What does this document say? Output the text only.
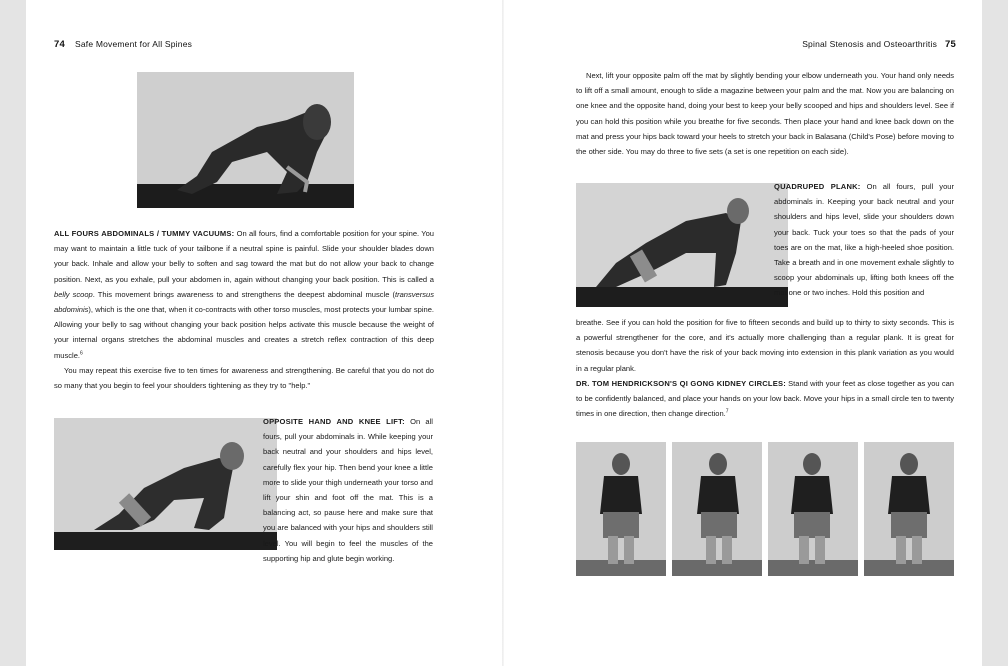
74 Safe Movement for All Spines

ALL FOURS ABDOMINALS / TUMMY VACUUMS: On all fours, find a comfortable position for your spine. You may want to maintain a little tuck of your tailbone if a neutral spine is painful. Slide your shoulder blades down your back. Inhale and allow your belly to soften and sag toward the mat but do not allow your back to change position. Next, as you exhale, pull your abdomen in, again without changing your back position. This is called a belly scoop. This movement brings awareness to and strengthens the deepest abdominal muscle (transversus abdominis), which is the one that, when it co-contracts with other torso muscles, most protects your lumbar spine. Allowing your belly to sag without changing your back position helps activate this muscle because the weight of your internal organs stretches the abdominal muscles and creates a stretch reflex contraction of this deep muscle.$^6$

You may repeat this exercise five to ten times for awareness and strengthening. Be careful that you do not do so many that you begin to feel your shoulders tightening as they try to "help."

OPPOSITE HAND AND KNEE LIFT: On all fours, pull your abdominals in. While keeping your back neutral and your shoulders and hips level, carefully flex your hip. Then bend your knee a little more to slide your thigh underneath your torso and lift your shin and foot off the mat. This is a balancing act, so pause here and make sure that you are balanced with your hips and shoulders still level. You will begin to feel the muscles of the supporting hip and glute begin working.

Spinal Stenosis and Osteoarthritis 75

Next, lift your opposite palm off the mat by slightly bending your elbow underneath you. Your hand only needs to lift off a small amount, enough to slide a magazine between your palm and the mat. Now you are balancing on one knee and the opposite hand, doing your best to keep your belly scooped and hips and shoulders level. See if you can hold this position while you breathe for five seconds. Then place your hand and knee back down on the mat and press your hips back toward your heels to stretch your back in Balasana (Child's Pose) before moving to the other side. You may do three to five sets (a set is one repetition on each side).

QUADRUPED PLANK: On all fours, pull your abdominals in. Keeping your back neutral and your shoulders and hips level, slide your shoulders down your back. Tuck your toes so that the pads of your toes are on the mat, like a high-heeled shoe position. Take a breath and in one movement exhale slightly to scoop your abdominals up, lifting both knees off the mat one or two inches. Hold this position and

breathe. See if you can hold the position for five to fifteen seconds and build up to thirty to sixty seconds. This is a powerful strengthener for the core, and it's actually more challenging than a regular plank. It is great for stenosis because you don't have the risk of your back moving into extension in this plank variation as you would in a regular plank.

DR. TOM HENDRICKSON'S QI GONG KIDNEY CIRCLES: Stand with your feet as close together as you can to be confidently balanced, and place your hands on your low back. Move your hips in a small circle ten to twenty times in one direction, then change direction.$^7$
